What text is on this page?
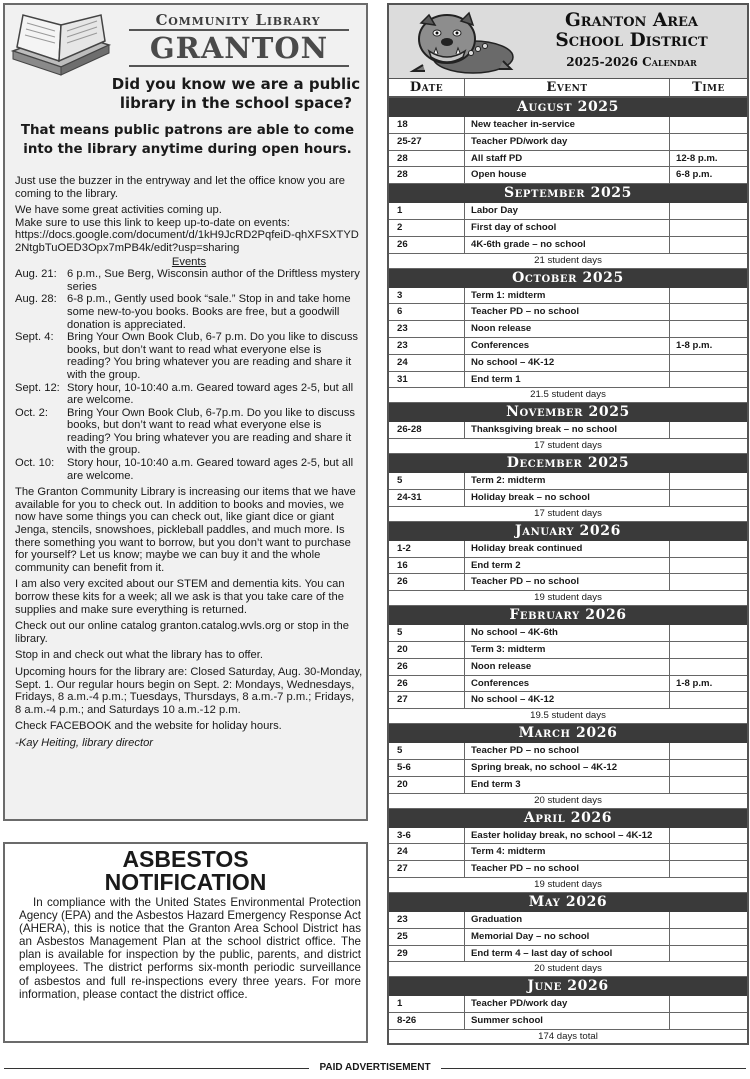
Community Library
GRANTON
Did you know we are a public library in the school space?
That means public patrons are able to come into the library anytime during open hours.

Just use the buzzer in the entryway and let the office know you are coming to the library.

We have some great activities coming up.
Make sure to use this link to keep up-to-date on events:
https://docs.google.com/document/d/1kH9JcRD2PqfeiD-qhXFSXTYD2NtgbTuOED3Opx7mPB4k/edit?usp=sharing
Events
Aug. 21: 6 p.m., Sue Berg, Wisconsin author of the Driftless mystery series
Aug. 28: 6-8 p.m., Gently used book “sale.” Stop in and take home some new-to-you books. Books are free, but a goodwill donation is appreciated.
Sept. 4:	Bring Your Own Book Club, 6-7 p.m. Do you like to discuss books, but don’t want to read what everyone else is reading? You bring whatever you are reading and share it with the group.
Sept. 12: Story hour, 10-10:40 a.m. Geared toward ages 2-5, but all are welcome.
Oct. 2:	Bring Your Own Book Club, 6-7p.m. Do you like to discuss books, but don’t want to read what everyone else is reading? You bring whatever you are reading and share it with the group.
Oct. 10:	Story hour, 10-10:40 a.m. Geared toward ages 2-5, but all are welcome.

The Granton Community Library is increasing our items that we have available for you to check out. In addition to books and movies, we now have some things you can check out, like giant dice or giant Jenga, stencils, snowshoes, pickleball paddles, and much more. Is there something you want to borrow, but you don’t want to purchase for yourself? Let us know; maybe we can buy it and the whole community can benefit from it.

I am also very excited about our STEM and dementia kits. You can borrow these kits for a week; all we ask is that you take care of the supplies and make sure everything is returned.

Check out our online catalog granton.catalog.wvls.org or stop in the library.

Stop in and check out what the library has to offer.

Upcoming hours for the library are: Closed Saturday, Aug. 30-Monday, Sept. 1. Our regular hours begin on Sept. 2: Mondays, Wednesdays, Fridays, 8 a.m.-4 p.m.; Tuesdays, Thursdays, 8 a.m.-7 p.m.; Fridays, 8 a.m.-4 p.m.; and Saturdays 10 a.m.-12 p.m.

Check FACEBOOK and the website for holiday hours.

-Kay Heiting, library director

ASBESTOS
NOTIFICATION
In compliance with the United States Environmental Protection Agency (EPA) and the Asbestos Hazard Emergency Response Act (AHERA), this is notice that the Granton Area School District has an Asbestos Management Plan at the school district office. The plan is available for inspection by the public, parents, and district employees. The district performs six-month periodic surveillance of asbestos and full re-inspections every three years. For more information, please contact the district office.
Granton Area
School District
2025-2026 Calendar
Date	Event	Time
August 2025
18	New teacher in-service
25-27	Teacher PD/work day
28	All staff PD	12-8 p.m.
28	Open house	6-8 p.m.
September 2025
1	Labor Day
2	First day of school
26	4K-6th grade – no school
21 student days
October 2025
3	Term 1: midterm
6	Teacher PD – no school
23	Noon release
23	Conferences	1-8 p.m.
24	No school – 4K-12
31	End term 1
21.5 student days
November 2025
26-28	Thanksgiving break – no school
17 student days
December 2025
5	Term 2: midterm
24-31	Holiday break – no school
17 student days
January 2026
1-2	Holiday break continued
16	End term 2
26	Teacher PD – no school
19 student days
February 2026
5	No school – 4K-6th
20	Term 3: midterm
26	Noon release
26	Conferences	1-8 p.m.
27	No school – 4K-12
19.5 student days
March 2026
5	Teacher PD – no school
5-6	Spring break, no school – 4K-12
20	End term 3
20 student days
April 2026
3-6	Easter holiday break, no school – 4K-12
24	Term 4: midterm
27	Teacher PD – no school
19 student days
May 2026
23	Graduation
25	Memorial Day – no school
29	End term 4 – last day of school
20 student days
June 2026
1	Teacher PD/work day
8-26	Summer school
174 days total
PAID ADVERTISEMENT
